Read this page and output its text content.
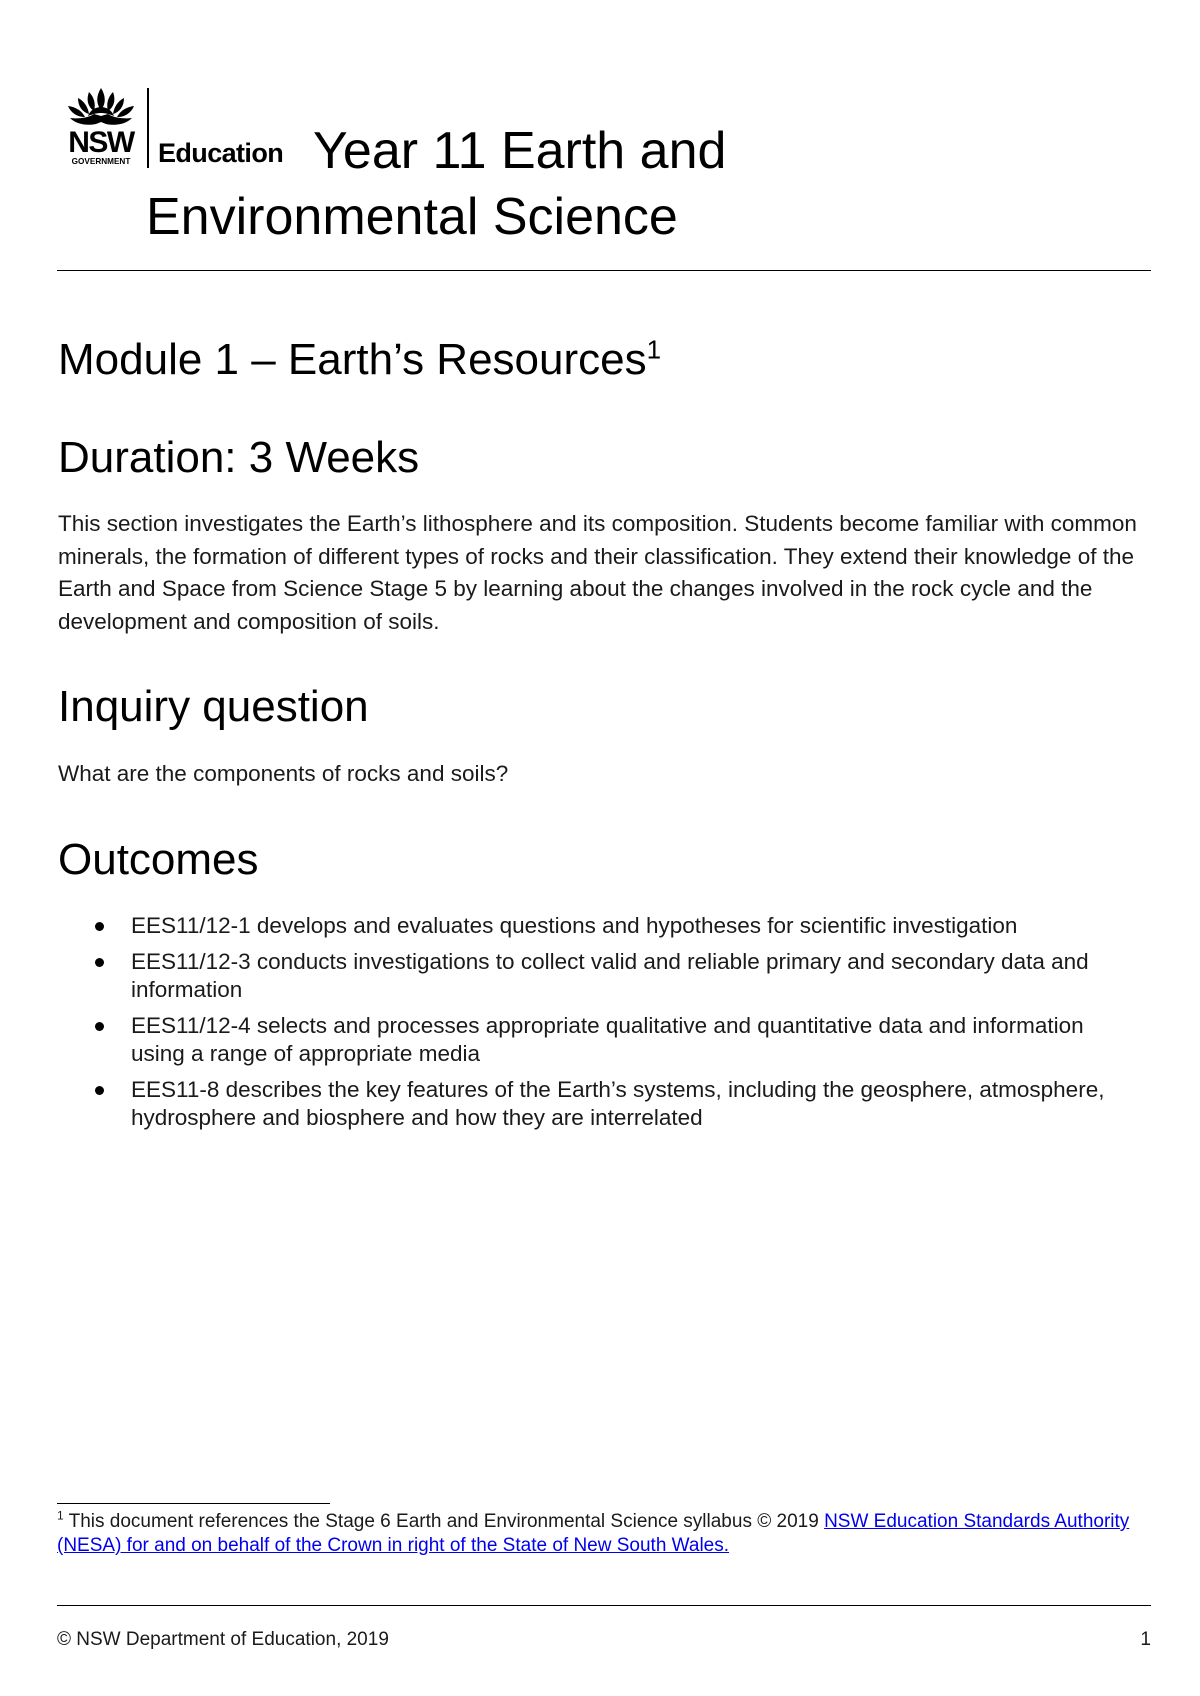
NSW
GOVERNMENT Education Year 11 Earth and
Environmental Science
Module 1 – Earth’s Resources$^1$
Duration: 3 Weeks

This section investigates the Earth’s lithosphere and its composition. Students become familiar with common minerals, the formation of different types of rocks and their classification. They extend their knowledge of the Earth and Space from Science Stage 5 by learning about the changes involved in the rock cycle and the development and composition of soils.

Inquiry question

What are the components of rocks and soils?

Outcomes
EES11/12-1 develops and evaluates questions and hypotheses for scientific investigation
EES11/12-3 conducts investigations to collect valid and reliable primary and secondary data and information
EES11/12-4 selects and processes appropriate qualitative and quantitative data and information using a range of appropriate media
EES11-8 describes the key features of the Earth’s systems, including the geosphere, atmosphere, hydrosphere and biosphere and how they are interrelated

$^1$ This document references the Stage 6 Earth and Environmental Science syllabus © 2019 NSW Education Standards Authority (NESA) for and on behalf of the Crown in right of the State of New South Wales.

© NSW Department of Education, 2019	1
